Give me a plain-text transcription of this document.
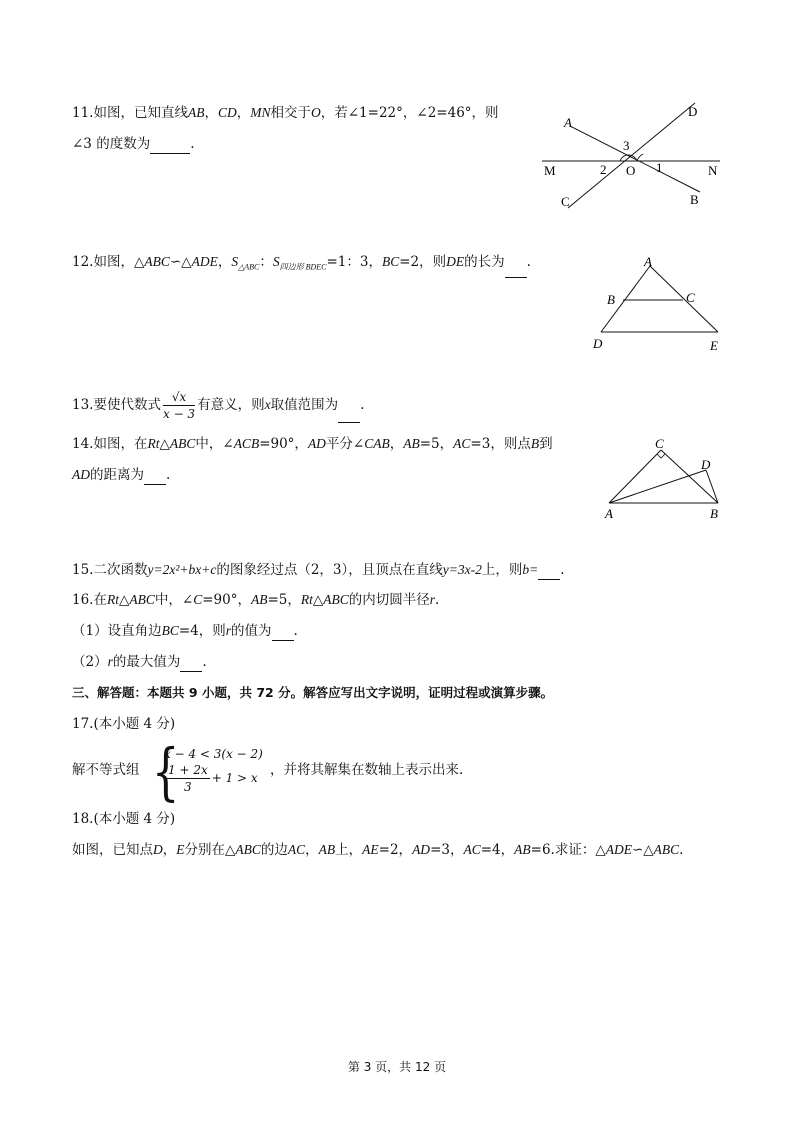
11.如图，已知直线AB，CD，MN相交于O，若∠1=22°，∠2=46°，则
∠3 的度数为	.
A
D
M	N
O
C	B
1
2
3
12.如图，△ABC∽△ADE，$S_{\triangle ABC}$：$S_{四边形 BDEC}=1$：3，BC=2，则DE的长为 .	A
B	C
D	E
13.要使代数式 $\frac{√x}{x - 3}$ 有意义，则x取值范围为 .
14.如图，在Rt△ABC中，∠ACB=90°，AD平分∠CAB，AB=5，AC=3，则点B到
AD的距离为 .
C
D
A	B
15.二次函数y=2x²+bx+c的图象经过点（2，3），且顶点在直线y=3x-2上，则b= .
16.在Rt△ABC中，∠C=90°，AB=5，Rt△ABC的内切圆半径r.
（1）设直角边BC=4，则r的值为 .
（2）r的最大值为 .
三、解答题：本题共 9 小题，共 72 分。解答应写出文字说明，证明过程或演算步骤。
17.(本小题 4 分)
解不等式组 {
x − 4 < 3(x − 2)
$\frac{1 + 2x}{3} + 1 > x$ ，并将其解集在数轴上表示出来.
18.(本小题 4 分)
如图，已知点D，E分别在△ABC的边AC，AB上，AE=2，AD=3，AC=4，AB=6.求证：△ADE∽△ABC.
第 3 页，共 12 页
